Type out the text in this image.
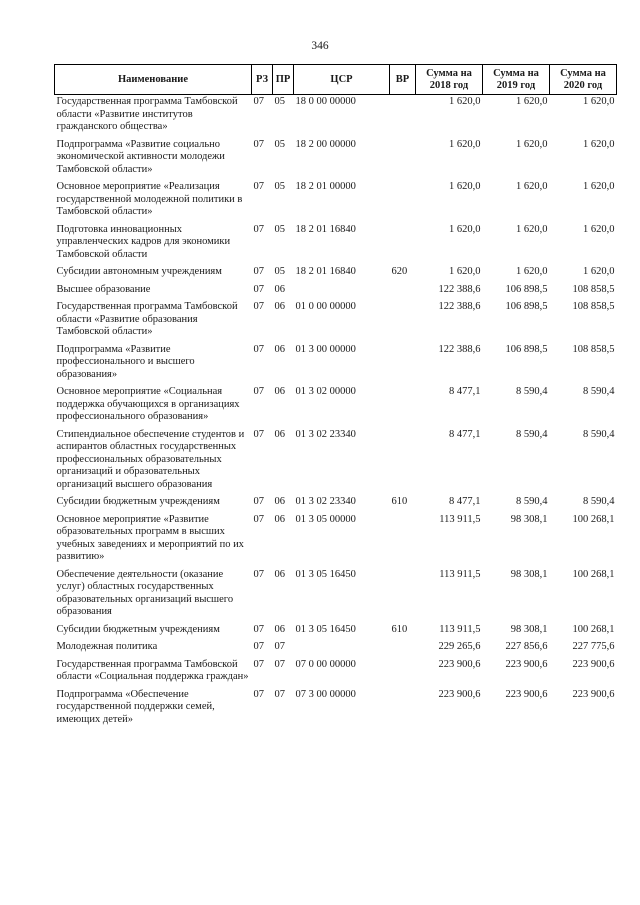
346
Наименование	РЗ	ПР	ЦСР	ВР	Сумма на 2018 год	Сумма на 2019 год	Сумма на 2020 год
Государственная программа Тамбовской области «Развитие институтов гражданского общества»	07	05	18 0 00 00000		1 620,0	1 620,0	1 620,0
Подпрограмма «Развитие социально экономической активности молодежи Тамбовской области»	07	05	18 2 00 00000		1 620,0	1 620,0	1 620,0
Основное мероприятие «Реализация государственной молодежной политики в Тамбовской области»	07	05	18 2 01 00000		1 620,0	1 620,0	1 620,0
Подготовка инновационных управленческих кадров для экономики Тамбовской области	07	05	18 2 01 16840		1 620,0	1 620,0	1 620,0
Субсидии автономным учреждениям	07	05	18 2 01 16840	620	1 620,0	1 620,0	1 620,0
Высшее образование	07	06			122 388,6	106 898,5	108 858,5
Государственная программа Тамбовской области «Развитие образования Тамбовской области»	07	06	01 0 00 00000		122 388,6	106 898,5	108 858,5
Подпрограмма «Развитие профессионального и высшего образования»	07	06	01 3 00 00000		122 388,6	106 898,5	108 858,5
Основное мероприятие «Социальная поддержка обучающихся в организациях профессионального образования»	07	06	01 3 02 00000		8 477,1	8 590,4	8 590,4
Стипендиальное обеспечение студентов и аспирантов областных государственных профессиональных образовательных организаций и образовательных организаций высшего образования	07	06	01 3 02 23340		8 477,1	8 590,4	8 590,4
Субсидии бюджетным учреждениям	07	06	01 3 02 23340	610	8 477,1	8 590,4	8 590,4
Основное мероприятие «Развитие образовательных программ в высших учебных заведениях и мероприятий по их развитию»	07	06	01 3 05 00000		113 911,5	98 308,1	100 268,1
Обеспечение деятельности (оказание услуг) областных государственных образовательных организаций высшего образования	07	06	01 3 05 16450		113 911,5	98 308,1	100 268,1
Субсидии бюджетным учреждениям	07	06	01 3 05 16450	610	113 911,5	98 308,1	100 268,1
Молодежная политика	07	07			229 265,6	227 856,6	227 775,6
Государственная программа Тамбовской области «Социальная поддержка граждан»	07	07	07 0 00 00000		223 900,6	223 900,6	223 900,6
Подпрограмма «Обеспечение государственной поддержки семей, имеющих детей»	07	07	07 3 00 00000		223 900,6	223 900,6	223 900,6
